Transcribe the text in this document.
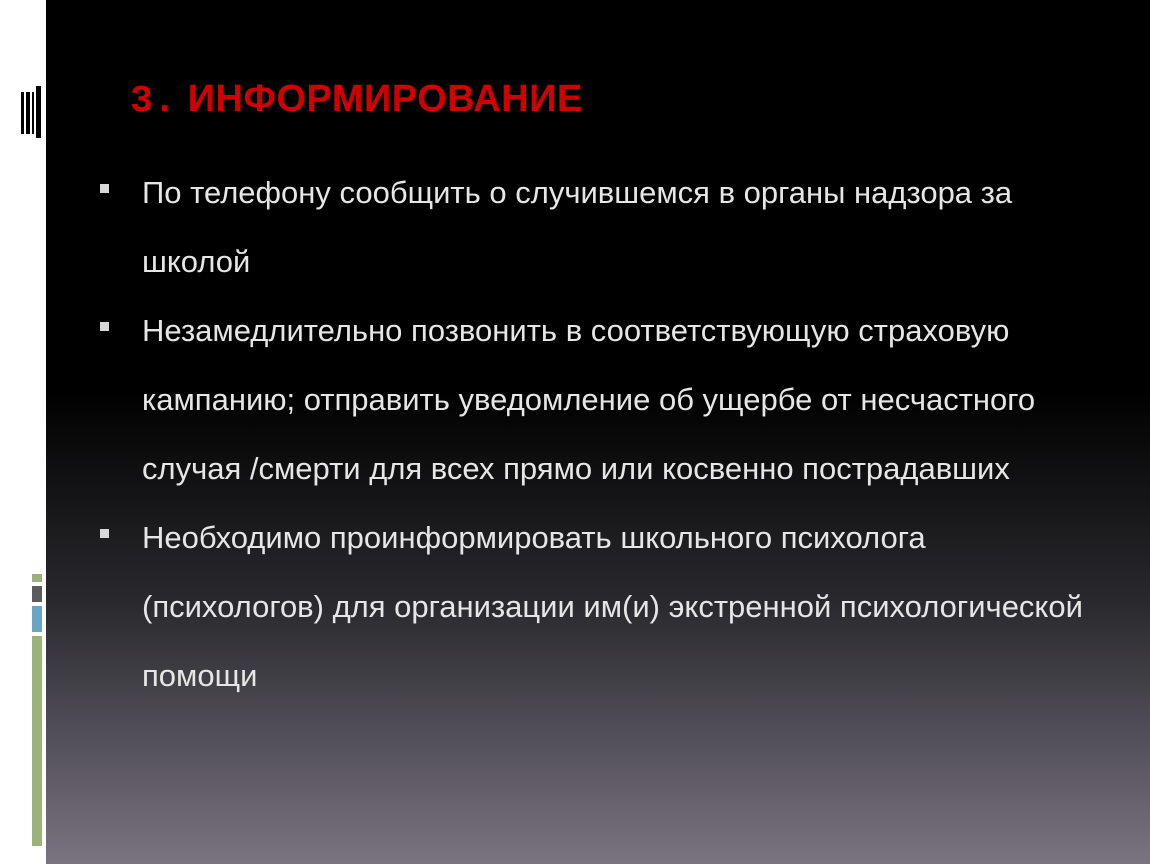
3. ИНФОРМИРОВАНИЕ
По телефону сообщить о случившемся в органы надзора за школой
Незамедлительно позвонить в соответствующую страховую кампанию; отправить уведомление об ущербе от несчастного случая /смерти для всех прямо или косвенно пострадавших
Необходимо проинформировать школьного психолога (психологов) для организации им(и) экстренной психологической помощи
